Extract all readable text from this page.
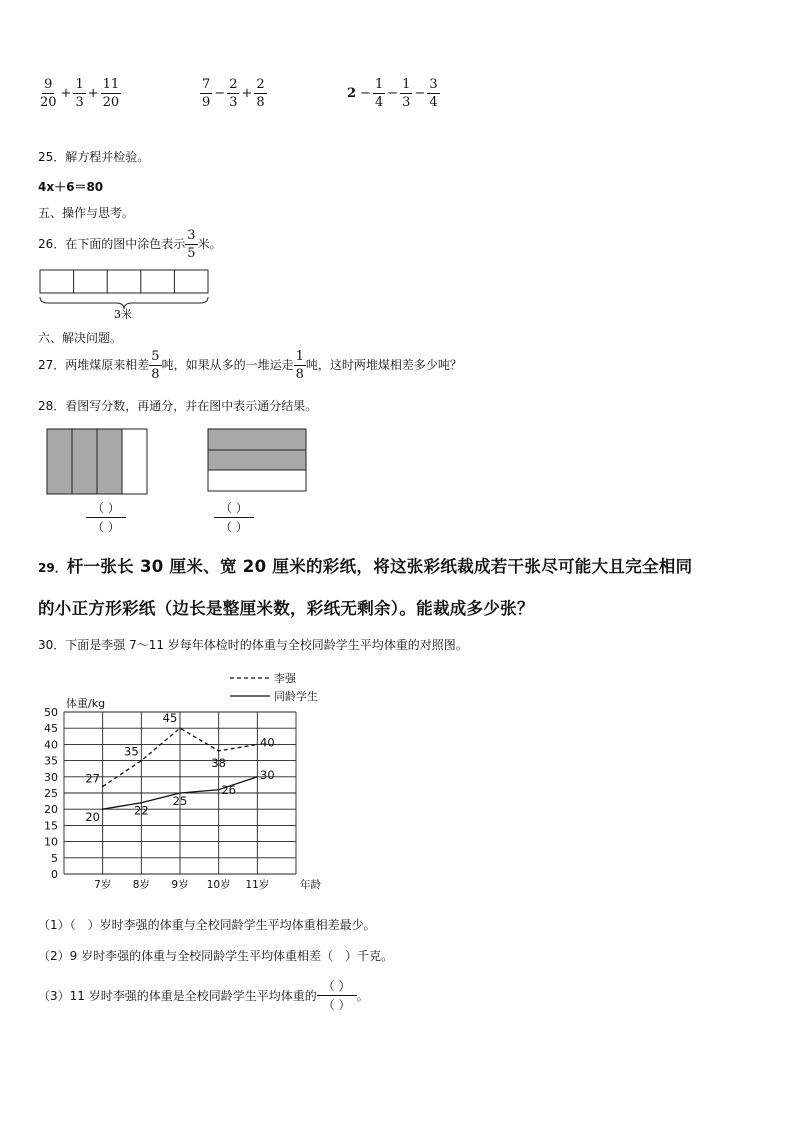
$\frac{9}{20} + \frac{1}{3} + \frac{11}{20}$	$\frac{7}{9} - \frac{2}{3} + \frac{2}{8}$	$2 - \frac{1}{4} - \frac{1}{3} - \frac{3}{4}$
25．解方程并检验。
4x＋6＝80
五、操作与思考。
26．在下面的图中涂色表示 $\frac{3}{5}$ 米。
3米
六、解决问题。
27．两堆煤原来相差 $\frac{5}{8}$ 吨，如果从多的一堆运走 $\frac{1}{8}$ 吨，这时两堆煤相差多少吨？
28．看图写分数，再通分，并在图中表示通分结果。
（ ）
（ ）
（ ）
（ ）
29．杆一张长 30 厘米、宽 20 厘米的彩纸，将这张彩纸裁成若干张尽可能大且完全相同
的小正方形彩纸（边长是整厘米数，彩纸无剩余）。能裁成多少张？
30．下面是李强 7～11 岁每年体检时的体重与全校同龄学生平均体重的对照图。
0
5
10
15
20
25
30
35
40
45
50
7岁 8岁 9岁 10岁 11岁
体重/kg
年龄
李强
同龄学生
27
35
45
38
40
20	22
25
26
30
（1）（　）岁时李强的体重与全校同龄学生平均体重相差最少。
（2）9 岁时李强的体重与全校同龄学生平均体重相差（　）千克。
（3）11 岁时李强的体重是全校同龄学生平均体重的
（ ）
（ ）
。
